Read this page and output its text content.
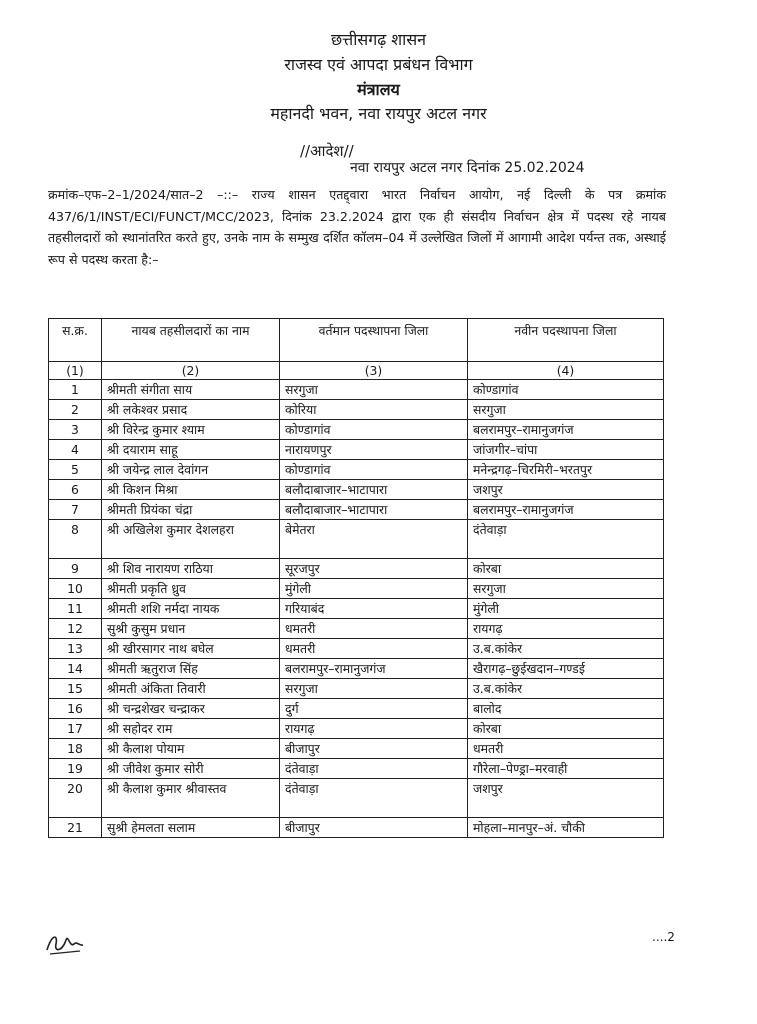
छत्तीसगढ़ शासन
राजस्व एवं आपदा प्रबंधन विभाग
मंत्रालय
महानदी भवन, नवा रायपुर अटल नगर
//आदेश//
नवा रायपुर अटल नगर दिनांक 25.02.2024
क्रमांक–एफ–2–1/2024/सात–2 –::– राज्य शासन एतद्द्वारा भारत निर्वाचन आयोग, नई दिल्ली के पत्र क्रमांक 437/6/1/INST/ECI/FUNCT/MCC/2023, दिनांक 23.2.2024 द्वारा एक ही संसदीय निर्वाचन क्षेत्र में पदस्थ रहे नायब तहसीलदारों को स्थानांतरित करते हुए, उनके नाम के सम्मुख दर्शित कॉलम–04 में उल्लेखित जिलों में आगामी आदेश पर्यन्त तक, अस्थाई रूप से पदस्थ करता है:–
स.क्र.	नायब तहसीलदारों का नाम	वर्तमान पदस्थापना जिला	नवीन पदस्थापना जिला
(1)	(2)	(3)	(4)
1	श्रीमती संगीता साय	सरगुजा	कोण्डागांव
2	श्री लकेश्वर प्रसाद	कोरिया	सरगुजा
3	श्री विरेन्द्र कुमार श्याम	कोण्डागांव	बलरामपुर–रामानुजगंज
4	श्री दयाराम साहू	नारायणपुर	जांजगीर–चांपा
5	श्री जयेन्द्र लाल देवांगन	कोण्डागांव	मनेन्द्रगढ़–चिरमिरी–भरतपुर
6	श्री किशन मिश्रा	बलौदाबाजार–भाटापारा	जशपुर
7	श्रीमती प्रियंका चंद्रा	बलौदाबाजार–भाटापारा	बलरामपुर–रामानुजगंज
8	श्री अखिलेश कुमार देशलहरा	बेमेतरा	दंतेवाड़ा
9	श्री शिव नारायण राठिया	सूरजपुर	कोरबा
10	श्रीमती प्रकृति ध्रुव	मुंगेली	सरगुजा
11	श्रीमती शशि नर्मदा नायक	गरियाबंद	मुंगेली
12	सुश्री कुसुम प्रधान	धमतरी	रायगढ़
13	श्री खीरसागर नाथ बघेल	धमतरी	उ.ब.कांकेर
14	श्रीमती ऋतुराज सिंह	बलरामपुर–रामानुजगंज	खैरागढ़–छुईखदान–गण्डई
15	श्रीमती अंकिता तिवारी	सरगुजा	उ.ब.कांकेर
16	श्री चन्द्रशेखर चन्द्राकर	दुर्ग	बालोद
17	श्री सहोदर राम	रायगढ़	कोरबा
18	श्री कैलाश पोयाम	बीजापुर	धमतरी
19	श्री जीवेश कुमार सोरी	दंतेवाड़ा	गौरेला–पेण्ड्रा–मरवाही
20	श्री कैलाश कुमार श्रीवास्तव	दंतेवाड़ा	जशपुर
21	सुश्री हेमलता सलाम	बीजापुर	मोहला–मानपुर–अं. चौकी
....2
